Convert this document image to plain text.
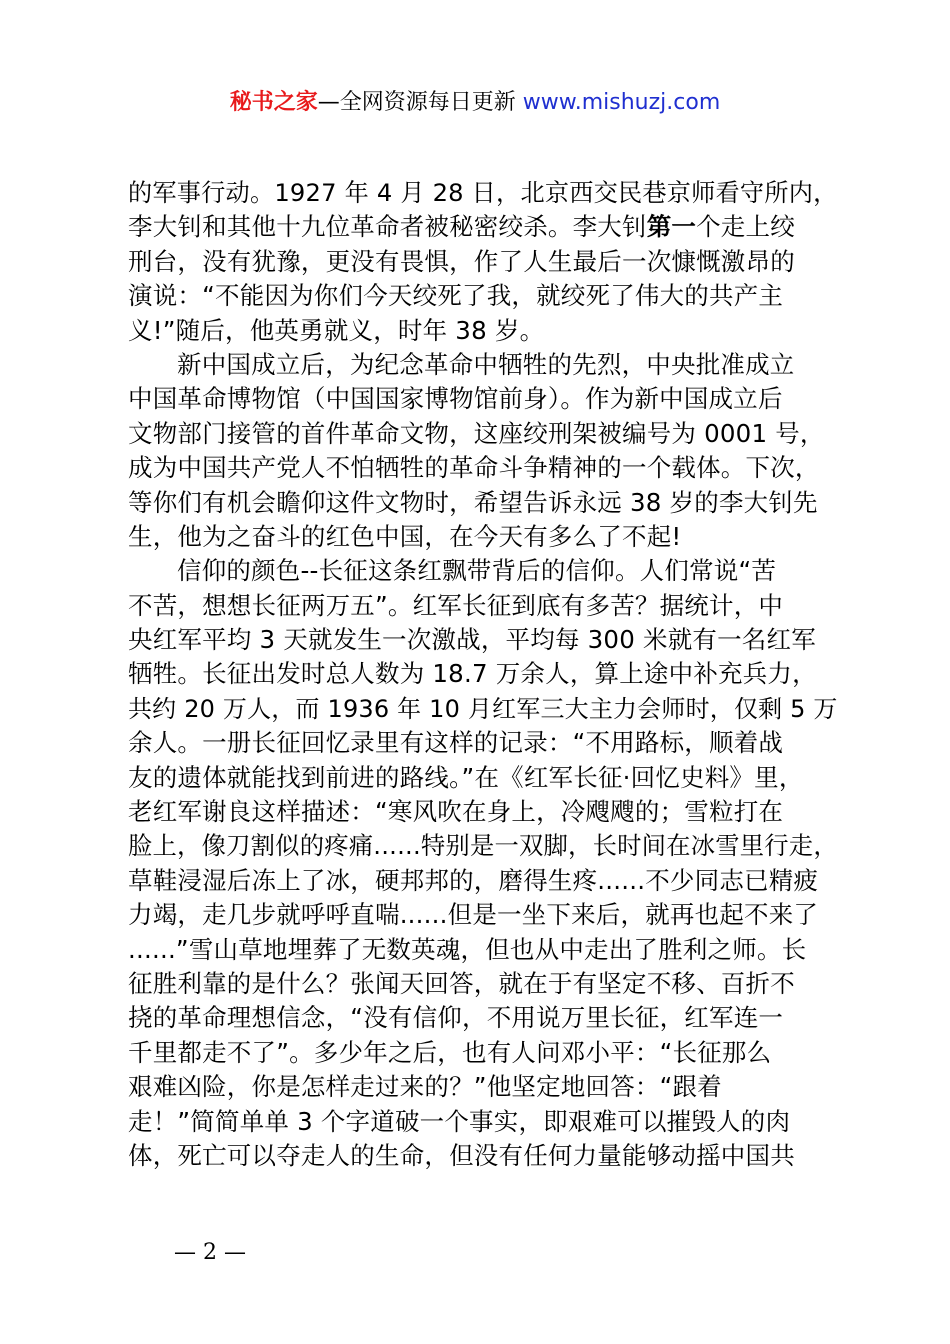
秘书之家—全网资源每日更新 www.mishuzj.com

的军事行动。1927 年 4 月 28 日，北京西交民巷京师看守所内，
李大钊和其他十九位革命者被秘密绞杀。李大钊第一个走上绞
刑台，没有犹豫，更没有畏惧，作了人生最后一次慷慨激昂的
演说：“不能因为你们今天绞死了我，就绞死了伟大的共产主
义!”随后，他英勇就义，时年 38 岁。

新中国成立后，为纪念革命中牺牲的先烈，中央批准成立
中国革命博物馆（中国国家博物馆前身）。作为新中国成立后
文物部门接管的首件革命文物，这座绞刑架被编号为 0001 号，
成为中国共产党人不怕牺牲的革命斗争精神的一个载体。下次，
等你们有机会瞻仰这件文物时，希望告诉永远 38 岁的李大钊先
生，他为之奋斗的红色中国，在今天有多么了不起!

信仰的颜色--长征这条红飘带背后的信仰。人们常说“苦
不苦，想想长征两万五”。红军长征到底有多苦？据统计，中
央红军平均 3 天就发生一次激战，平均每 300 米就有一名红军
牺牲。长征出发时总人数为 18.7 万余人，算上途中补充兵力，
共约 20 万人，而 1936 年 10 月红军三大主力会师时，仅剩 5 万
余人。一册长征回忆录里有这样的记录：“不用路标，顺着战
友的遗体就能找到前进的路线。”在《红军长征·回忆史料》里，
老红军谢良这样描述：“寒风吹在身上，冷飕飕的；雪粒打在
脸上，像刀割似的疼痛......特别是一双脚，长时间在冰雪里行走，
草鞋浸湿后冻上了冰，硬邦邦的，磨得生疼......不少同志已精疲
力竭，走几步就呼呼直喘......但是一坐下来后，就再也起不来了
......”雪山草地埋葬了无数英魂，但也从中走出了胜利之师。长
征胜利靠的是什么？张闻天回答，就在于有坚定不移、百折不
挠的革命理想信念，“没有信仰，不用说万里长征，红军连一
千里都走不了”。多少年之后，也有人问邓小平：“长征那么
艰难凶险，你是怎样走过来的？”他坚定地回答：“跟着
走！”简简单单 3 个字道破一个事实，即艰难可以摧毁人的肉
体，死亡可以夺走人的生命，但没有任何力量能够动摇中国共

— 2 —
